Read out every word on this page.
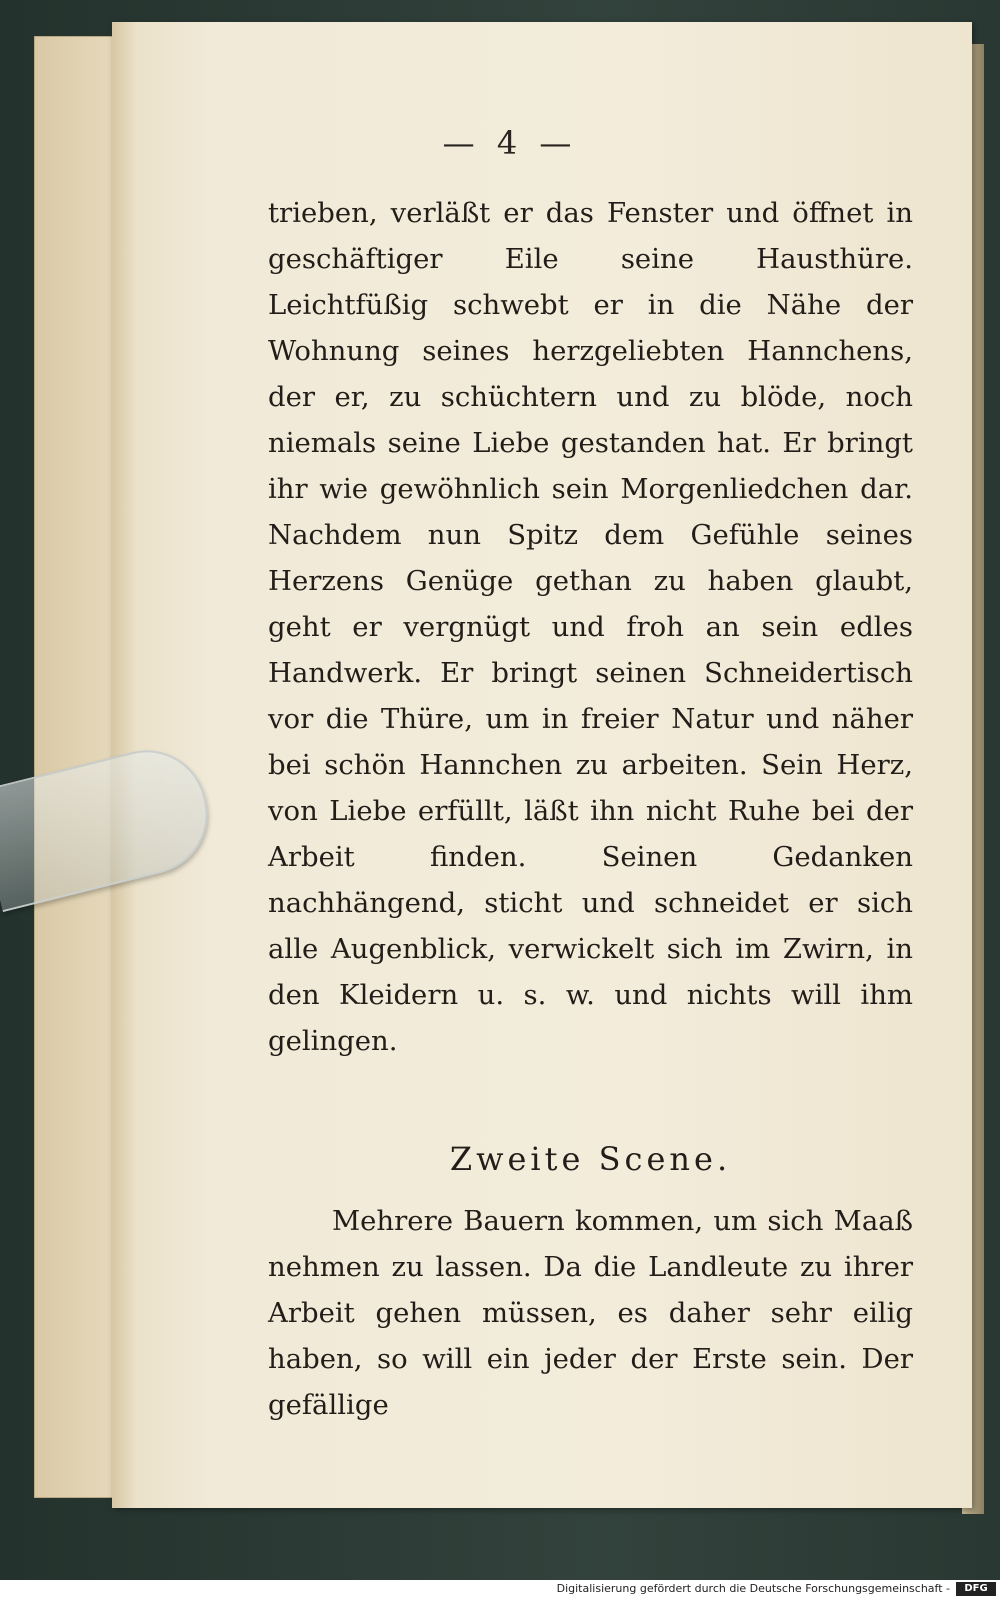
— 4 —

trieben, verläßt er das Fenster und öffnet in geschäftiger Eile seine Hausthüre. Leichtfüßig schwebt er in die Nähe der Wohnung seines herzgeliebten Hannchens, der er, zu schüchtern und zu blöde, noch niemals seine Liebe gestanden hat. Er bringt ihr wie gewöhnlich sein Morgenliedchen dar. Nachdem nun Spitz dem Gefühle seines Herzens Genüge gethan zu haben glaubt, geht er vergnügt und froh an sein edles Handwerk. Er bringt seinen Schneidertisch vor die Thüre, um in freier Natur und näher bei schön Hannchen zu arbeiten. Sein Herz, von Liebe erfüllt, läßt ihn nicht Ruhe bei der Arbeit finden. Seinen Gedanken nachhängend, sticht und schneidet er sich alle Augenblick, verwickelt sich im Zwirn, in den Kleidern u. s. w. und nichts will ihm gelingen.

Zweite Scene.

Mehrere Bauern kommen, um sich Maaß nehmen zu lassen. Da die Landleute zu ihrer Arbeit gehen müssen, es daher sehr eilig haben, so will ein jeder der Erste sein. Der gefällige

Digitalisierung gefördert durch die Deutsche Forschungsgemeinschaft -	DFG
